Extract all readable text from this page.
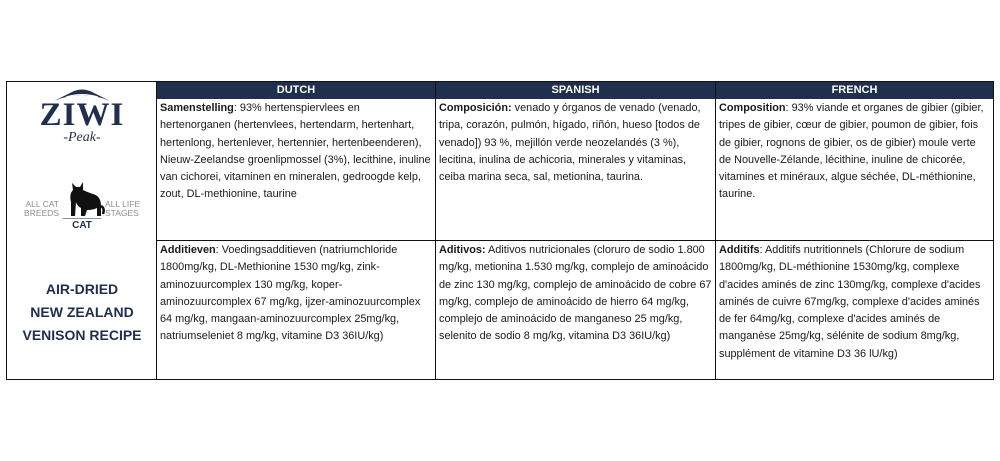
ZIWI
-Peak-
ALL CAT
BREEDS
ALL LIFE
STAGES
CAT
AIR-DRIED
NEW ZEALAND
VENISON RECIPE
DUTCH	SPANISH	FRENCH
Samenstelling: 93% hertenspiervlees en hertenorganen (hertenvlees, hertendarm, hertenhart, hertenlong, hertenlever, hertennier, hertenbeenderen), Nieuw-Zeelandse groenlipmossel (3%), lecithine, inuline van cichorei, vitaminen en mineralen, gedroogde kelp, zout, DL-methionine, taurine
Composición: venado y órganos de venado (venado, tripa, corazón, pulmón, hígado, riñón, hueso [todos de venado]) 93 %, mejillón verde neozelandés (3 %), lecitina, inulina de achicoria, minerales y vitaminas, ceiba marina seca, sal, metionina, taurina.
Composition: 93% viande et organes de gibier (gibier, tripes de gibier, cœur de gibier, poumon de gibier, fois de gibier, rognons de gibier, os de gibier) moule verte de Nouvelle-Zélande, lécithine, inuline de chicorée, vitamines et minéraux, algue séchée, DL-méthionine, taurine.
Additieven: Voedingsadditieven (natriumchloride 1800mg/kg, DL-Methionine 1530 mg/kg, zink-aminozuurcomplex 130 mg/kg, koper-aminozuurcomplex 67 mg/kg, ijzer-aminozuurcomplex 64 mg/kg, mangaan-aminozuurcomplex 25mg/kg, natriumseleniet 8 mg/kg, vitamine D3 36IU/kg)
Aditivos: Aditivos nutricionales (cloruro de sodio 1.800 mg/kg, metionina 1.530 mg/kg, complejo de aminoácido de zinc 130 mg/kg, complejo de aminoácido de cobre 67 mg/kg, complejo de aminoácido de hierro 64 mg/kg, complejo de aminoácido de manganeso 25 mg/kg, selenito de sodio 8 mg/kg, vitamina D3 36IU/kg)
Additifs: Additifs nutritionnels (Chlorure de sodium 1800mg/kg, DL-méthionine 1530mg/kg, complexe d'acides aminés de zinc 130mg/kg, complexe d'acides aminés de cuivre 67mg/kg, complexe d'acides aminés de fer 64mg/kg, complexe d'acides aminés de manganèse 25mg/kg, sélénite de sodium 8mg/kg, supplément de vitamine D3 36 lU/kg)
